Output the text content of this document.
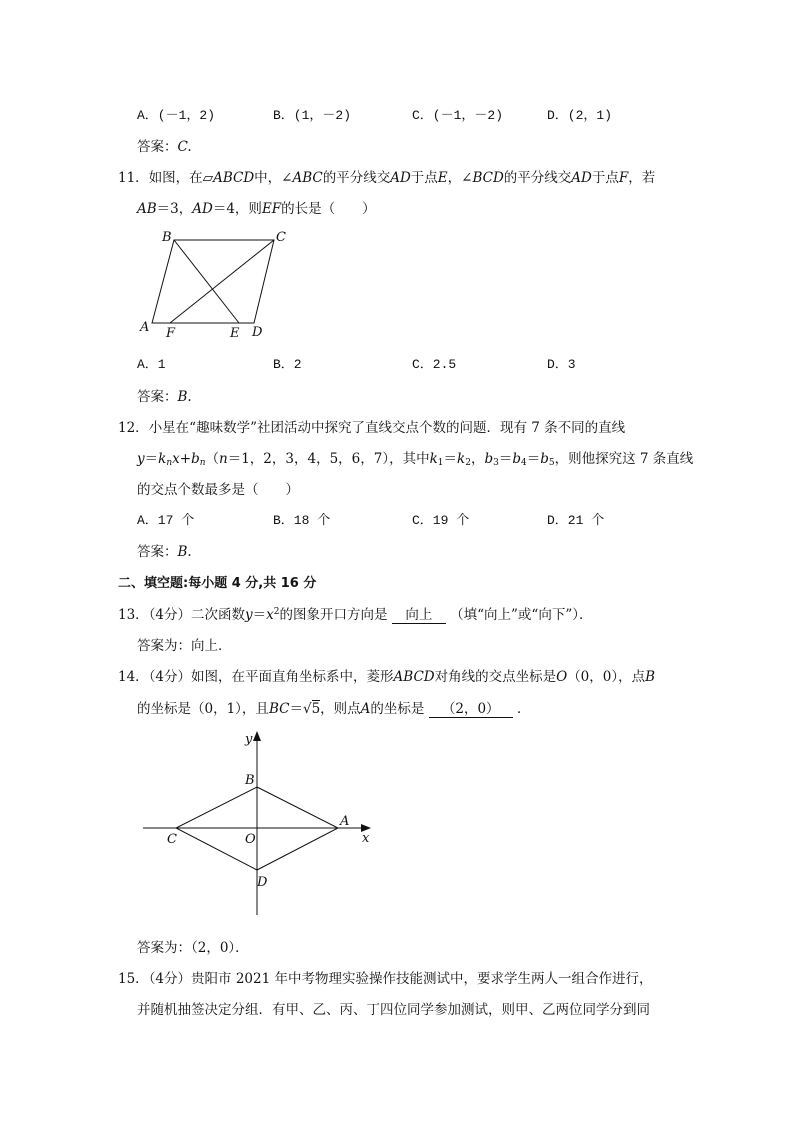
A．(－1，2)	B．(1，－2)	C．(－1，－2)	D．(2，1)
答案：C.
11．如图，在▱ABCD中，∠ABC的平分线交AD于点E，∠BCD的平分线交AD于点F，若
AB＝3，AD＝4，则EF的长是（　　）
B	C
A F	E D
A．1	B．2	C．2.5	D．3
答案：B.
12．小星在“趣味数学”社团活动中探究了直线交点个数的问题．现有 7 条不同的直线
$y=k_nx+b_n(n=1$，2，3，4，5，6，7），其中$k_1=k_2$，$b_3=b_4=b_5$，则他探究这 7 条直线
的交点个数最多是（　　）
A．17 个	B．18 个	C．19 个	D．21 个
答案：B.
二、填空题:每小题 4 分,共 16 分
13．（4分）二次函数$y=x^2$的图象开口方向是 向上 （填“向上”或“向下”）．
答案为：向上．
14．（4分）如图，在平面直角坐标系中，菱形ABCD对角线的交点坐标是O（0，0），点B
的坐标是（0，1），且BC＝√5，则点A的坐标是 （2，0） ．
y
B
C	O
A
x
D
答案为：（2，0）．
15．（4分）贵阳市 2021 年中考物理实验操作技能测试中，要求学生两人一组合作进行，
并随机抽签决定分组．有甲、乙、丙、丁四位同学参加测试，则甲、乙两位同学分到同
